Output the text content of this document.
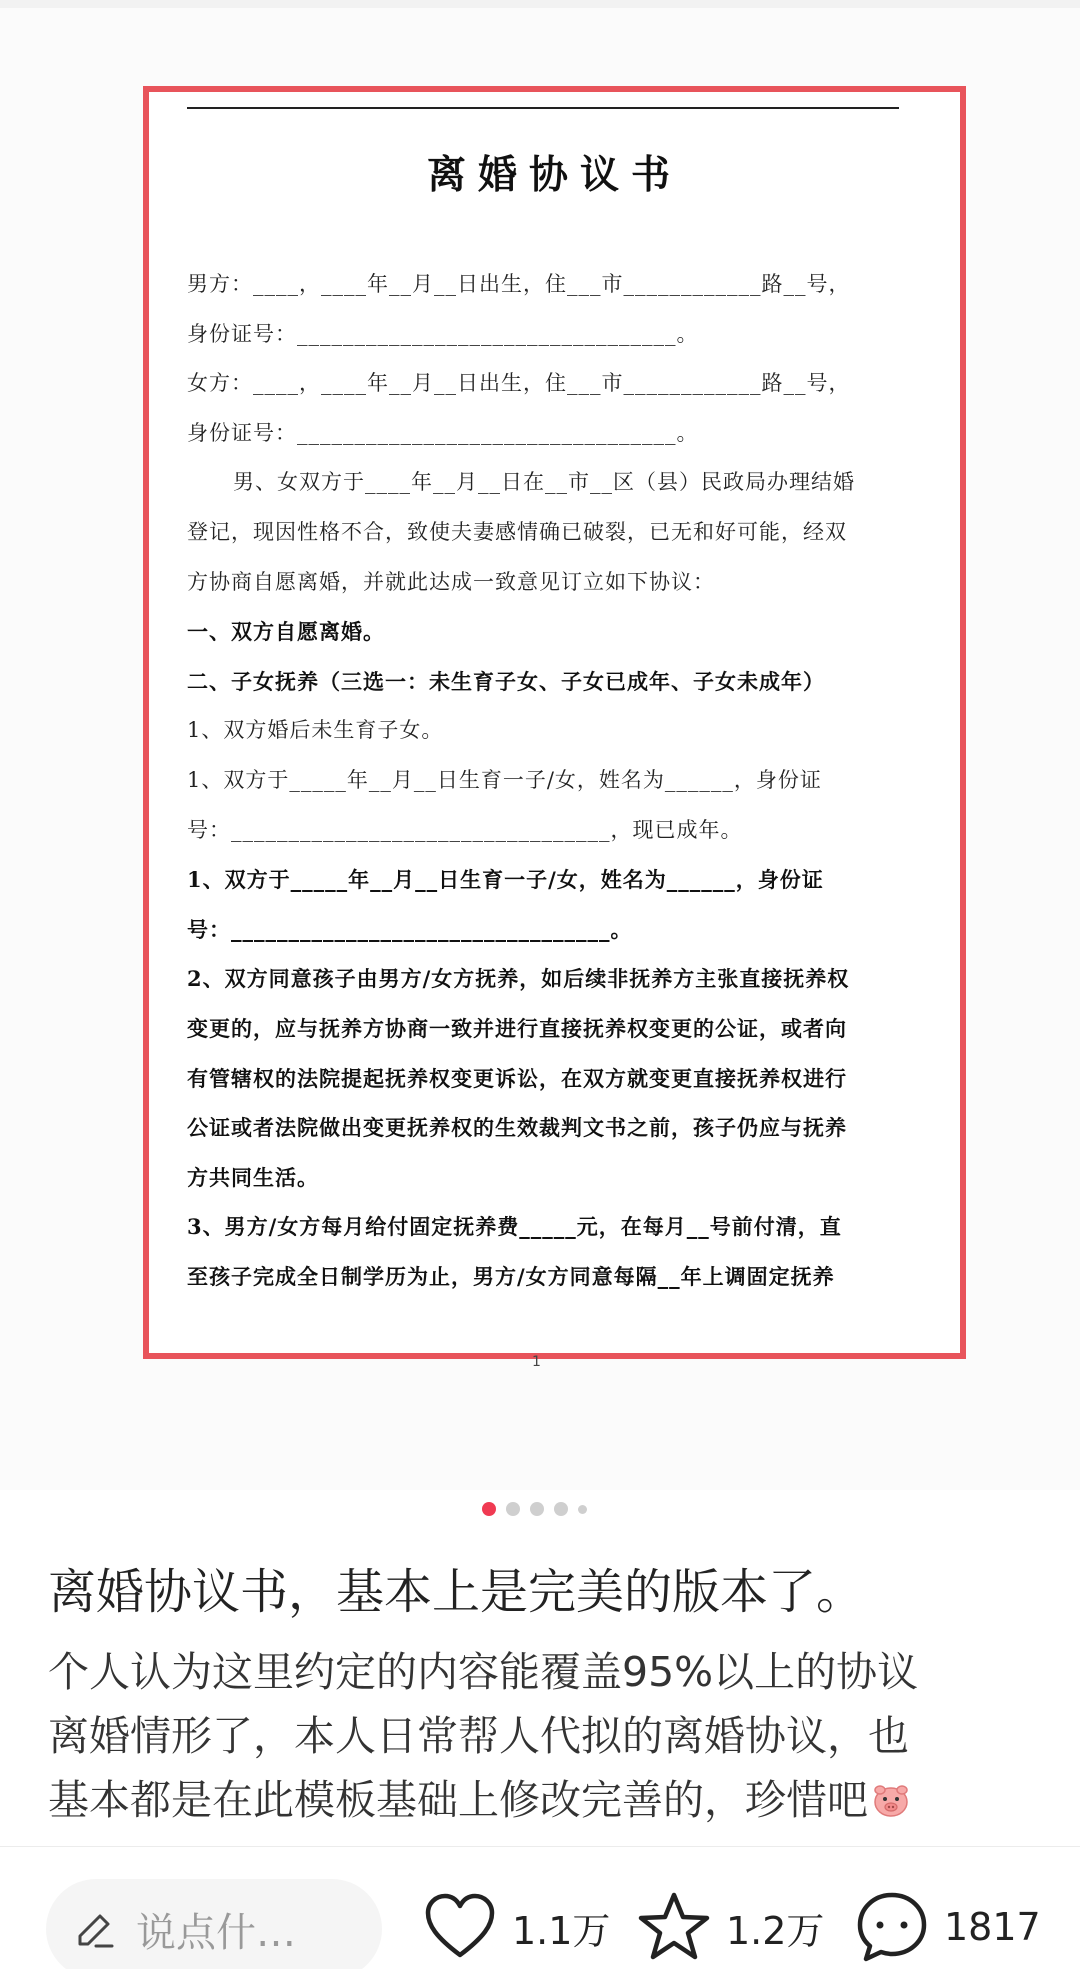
离婚协议书
男方：____，____年__月__日出生，住___市____________路__号，
身份证号：_________________________________。
女方：____，____年__月__日出生，住___市____________路__号，
身份证号：_________________________________。
男、女双方于____年__月__日在__市__区（县）民政局办理结婚
登记，现因性格不合，致使夫妻感情确已破裂，已无和好可能，经双
方协商自愿离婚，并就此达成一致意见订立如下协议：
一、双方自愿离婚。
二、子女抚养（三选一：未生育子女、子女已成年、子女未成年）
1、双方婚后未生育子女。
1、双方于_____年__月__日生育一子/女，姓名为______，身份证
号：_________________________________，现已成年。
1、双方于_____年__月__日生育一子/女，姓名为______，身份证
号：_________________________________。
2、双方同意孩子由男方/女方抚养，如后续非抚养方主张直接抚养权
变更的，应与抚养方协商一致并进行直接抚养权变更的公证，或者向
有管辖权的法院提起抚养权变更诉讼，在双方就变更直接抚养权进行
公证或者法院做出变更抚养权的生效裁判文书之前，孩子仍应与抚养
方共同生活。
3、男方/女方每月给付固定抚养费_____元，在每月__号前付清，直
至孩子完成全日制学历为止，男方/女方同意每隔__年上调固定抚养
1
离婚协议书，基本上是完美的版本了。

个人认为这里约定的内容能覆盖95%以上的协议

离婚情形了，本人日常帮人代拟的离婚协议，也

基本都是在此模板基础上修改完善的，珍惜吧

说点什…	1.1万	1.2万	1817
